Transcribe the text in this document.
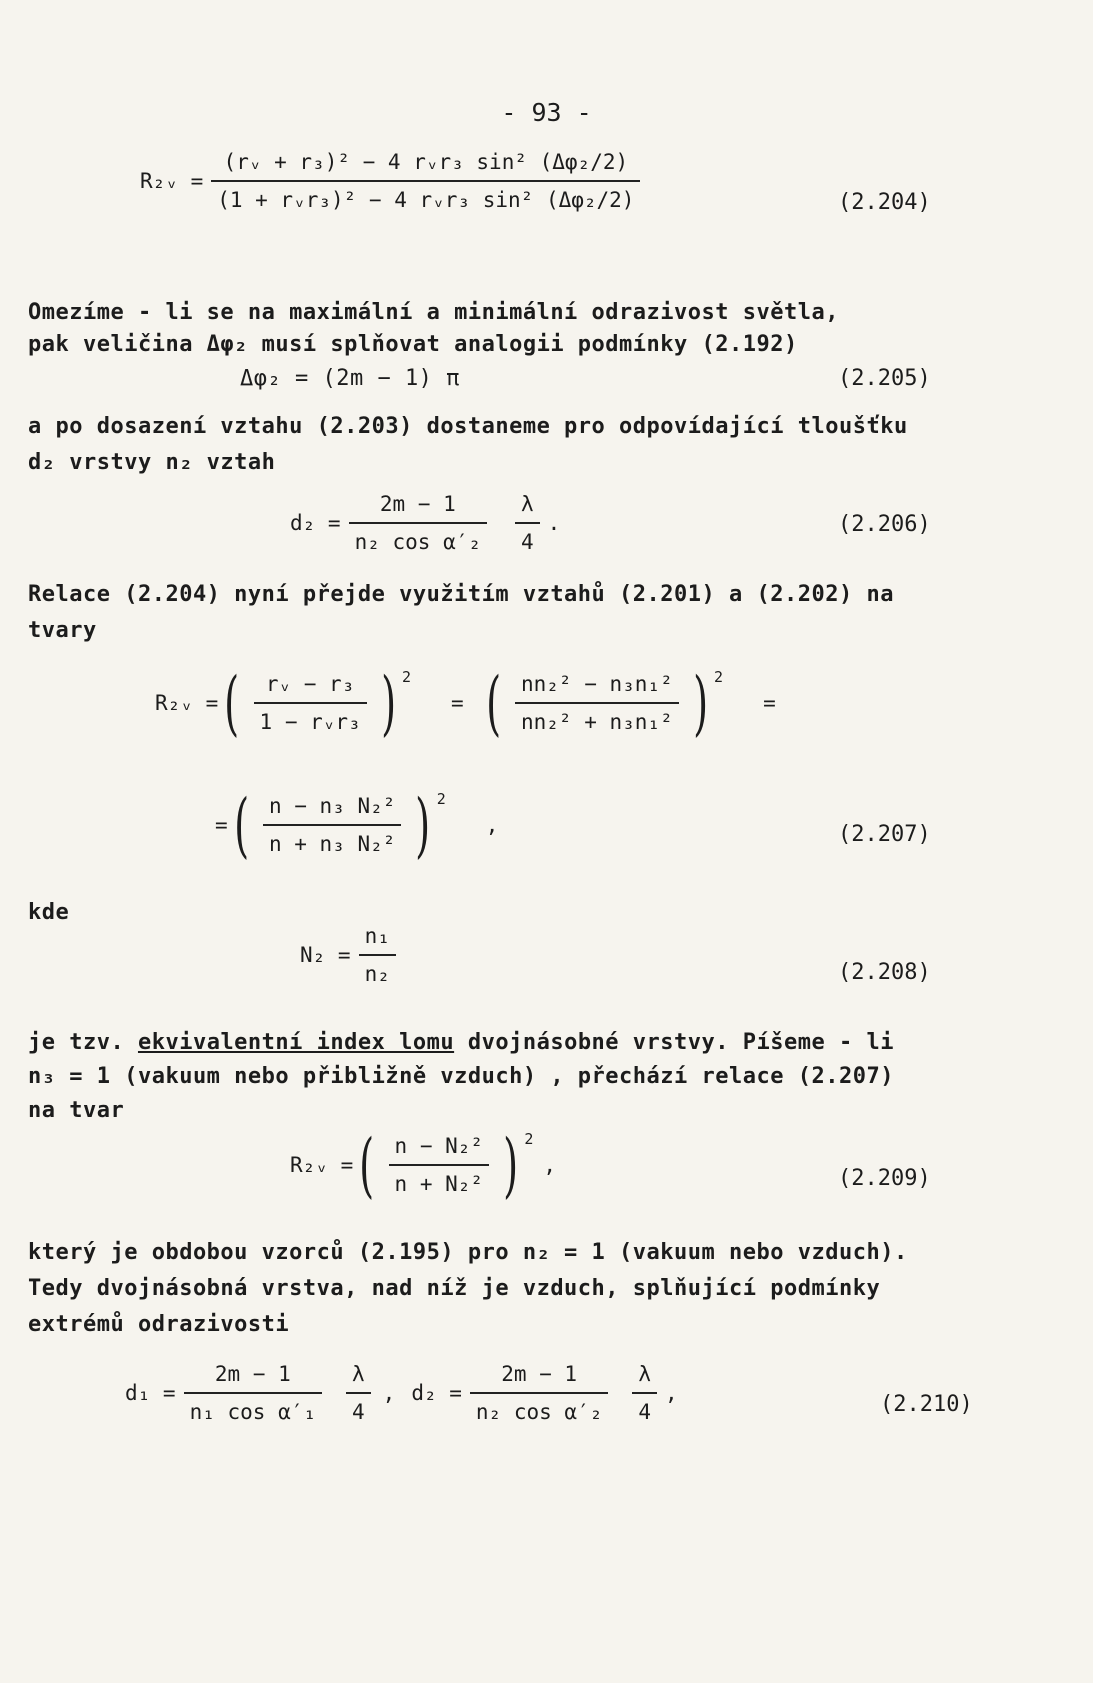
- 93 -
R₂ᵥ = $\frac{\text{(rᵥ + r₃)² − 4 rᵥr₃ sin² (Δφ₂/2)}}{\text{(1 + rᵥr₃)² − 4 rᵥr₃ sin² (Δφ₂/2)}}$	(2.204)
Omezíme - li se na maximální a minimální odrazivost světla,
pak veličina Δφ₂ musí splňovat analogii podmínky (2.192)
Δφ₂ = (2m − 1) π	(2.205)
a po dosazení vztahu (2.203) dostaneme pro odpovídající tloušťku
d₂ vrstvy n₂ vztah
$d_2 = \frac{2m - 1}{\text{n₂ cos α′₂}} \frac{\lambda}{4}$ .	(2.206)
Relace (2.204) nyní přejde využitím vztahů (2.201) a (2.202) na
tvary
R₂ᵥ = ( $\frac{\text{rᵥ − r₃}}{\text{1 − rᵥr₃}}$ ) $^2$
= ( $\frac{\text{nn₂² − n₃n₁²}}{\text{nn₂² + n₃n₁²}}$ ) $^2$
=
= ( $\frac{\text{n − n₃ N₂²}}{\text{n + n₃ N₂²}}$ ) $^2$
,	(2.207)
kde
$N_2 = \frac{\text{n₁}}{\text{n₂}}$	(2.208)
je tzv. ekvivalentní index lomu dvojnásobné vrstvy. Píšeme - li
n₃ = 1 (vakuum nebo přibližně vzduch) , přechází relace (2.207)
na tvar
R₂ᵥ = ( $\frac{\text{n − N₂²}}{\text{n + N₂²}}$ ) $^2$
,
(2.209)
který je obdobou vzorců (2.195) pro n₂ = 1 (vakuum nebo vzduch).
Tedy dvojnásobná vrstva, nad níž je vzduch, splňující podmínky
extrémů odrazivosti
$d_1 = \frac{2m - 1}{\text{n₁ cos α′₁}} \frac{\lambda}{4}$ , $d_2 = \frac{2m - 1}{\text{n₂ cos α′₂}} \frac{\lambda}{4}$ ,	(2.210)
